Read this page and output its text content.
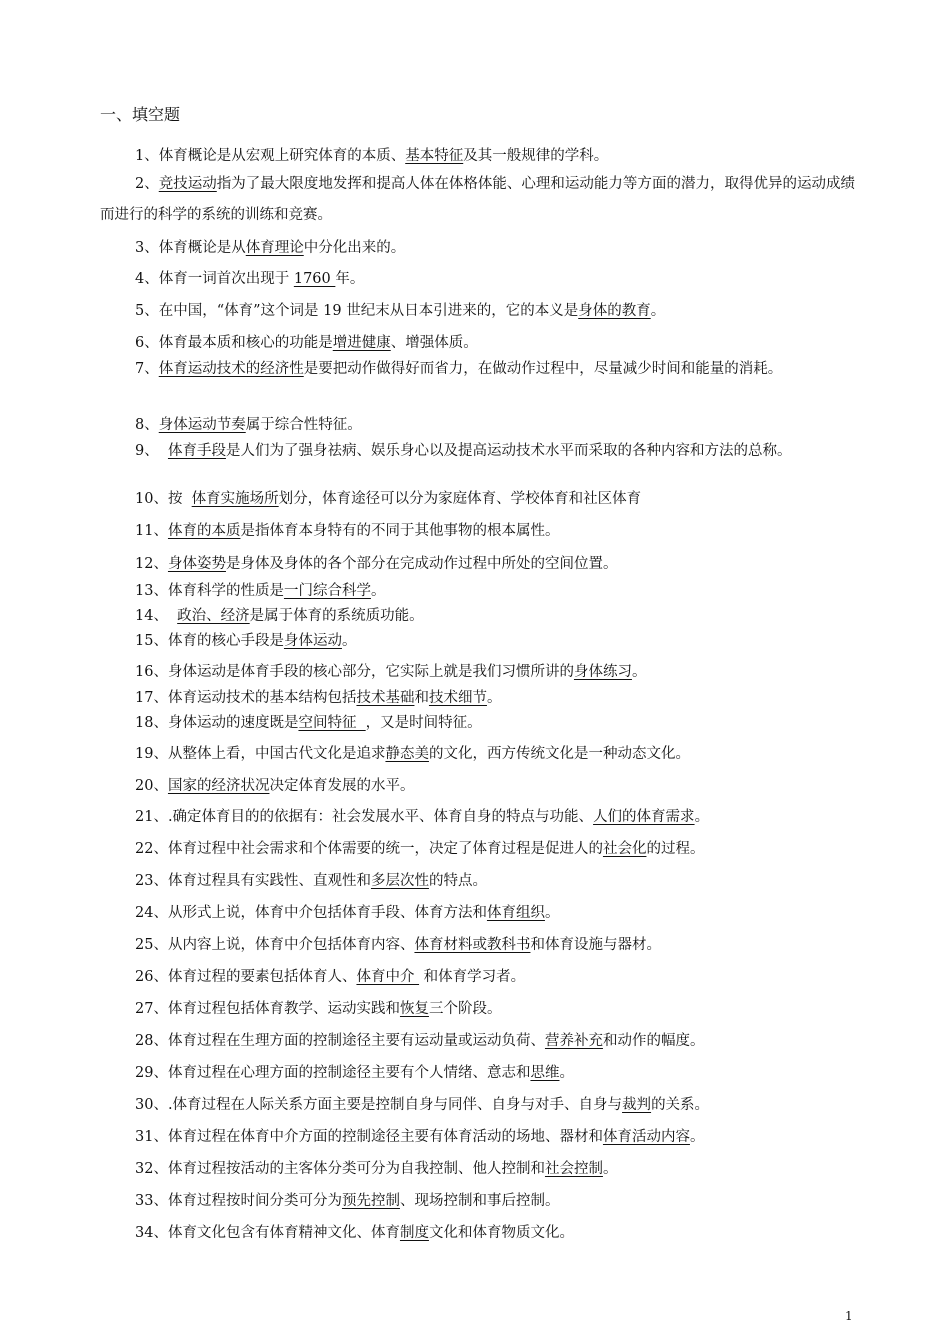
一、填空题
1、体育概论是从宏观上研究体育的本质、基本特征及其一般规律的学科。
2、竞技运动指为了最大限度地发挥和提高人体在体格体能、心理和运动能力等方面的潜力，取得优异的运动成绩而进行的科学的系统的训练和竞赛。
3、体育概论是从体育理论中分化出来的。
4、体育一词首次出现于 1760 年。
5、在中国，“体育”这个词是 19 世纪末从日本引进来的，它的本义是身体的教育。
6、体育最本质和核心的功能是增进健康、增强体质。
7、体育运动技术的经济性是要把动作做得好而省力，在做动作过程中，尽量减少时间和能量的消耗。
8、身体运动节奏属于综合性特征。
9、  体育手段是人们为了强身祛病、娱乐身心以及提高运动技术水平而采取的各种内容和方法的总称。
10、按  体育实施场所划分，体育途径可以分为家庭体育、学校体育和社区体育
11、体育的本质是指体育本身特有的不同于其他事物的根本属性。
12、身体姿势是身体及身体的各个部分在完成动作过程中所处的空间位置。
13、体育科学的性质是一门综合科学。
14、  政治、经济是属于体育的系统质功能。
15、体育的核心手段是身体运动。
16、身体运动是体育手段的核心部分，它实际上就是我们习惯所讲的身体练习。
17、体育运动技术的基本结构包括技术基础和技术细节。
18、身体运动的速度既是空间特征  ，又是时间特征。
19、从整体上看，中国古代文化是追求静态美的文化，西方传统文化是一种动态文化。
20、国家的经济状况决定体育发展的水平。
21、.确定体育目的的依据有：社会发展水平、体育自身的特点与功能、人们的体育需求。
22、体育过程中社会需求和个体需要的统一，决定了体育过程是促进人的社会化的过程。
23、体育过程具有实践性、直观性和多层次性的特点。
24、从形式上说，体育中介包括体育手段、体育方法和体育组织。
25、从内容上说，体育中介包括体育内容、体育材料或教科书和体育设施与器材。
26、体育过程的要素包括体育人、体育中介  和体育学习者。
27、体育过程包括体育教学、运动实践和恢复三个阶段。
28、体育过程在生理方面的控制途径主要有运动量或运动负荷、营养补充和动作的幅度。
29、体育过程在心理方面的控制途径主要有个人情绪、意志和思维。
30、.体育过程在人际关系方面主要是控制自身与同伴、自身与对手、自身与裁判的关系。
31、体育过程在体育中介方面的控制途径主要有体育活动的场地、器材和体育活动内容。
32、体育过程按活动的主客体分类可分为自我控制、他人控制和社会控制。
33、体育过程按时间分类可分为预先控制、现场控制和事后控制。
34、体育文化包含有体育精神文化、体育制度文化和体育物质文化。
1
